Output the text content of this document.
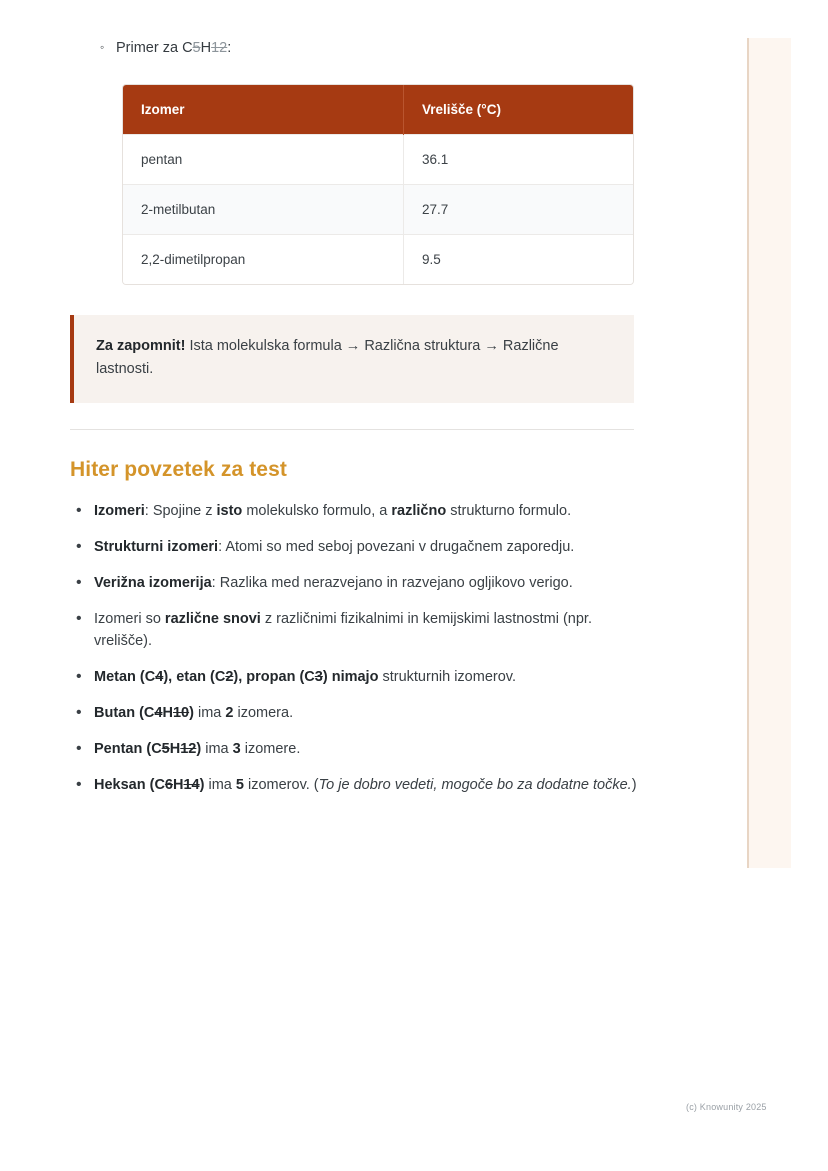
◦ Primer za C5H12:
Izomer	Vrelišče (°C)
pentan	36.1
2-metilbutan	27.7
2,2-dimetilpropan	9.5
Za zapomnit! Ista molekulska formula → Različna struktura → Različne lastnosti.
Hiter povzetek za test
• Izomeri: Spojine z isto molekulsko formulo, a različno strukturno formulo.
• Strukturni izomeri: Atomi so med seboj povezani v drugačnem zaporedju.
• Verižna izomerija: Razlika med nerazvejano in razvejano ogljikovo verigo.
• Izomeri so različne snovi z različnimi fizikalnimi in kemijskimi lastnostmi (npr. vrelišče).
• Metan (C4), etan (C2), propan (C3) nimajo strukturnih izomerov.
• Butan (C4H10) ima 2 izomera.
• Pentan (C5H12) ima 3 izomere.
• Heksan (C6H14) ima 5 izomerov. (To je dobro vedeti, mogoče bo za dodatne točke.)
(c) Knowunity 2025
